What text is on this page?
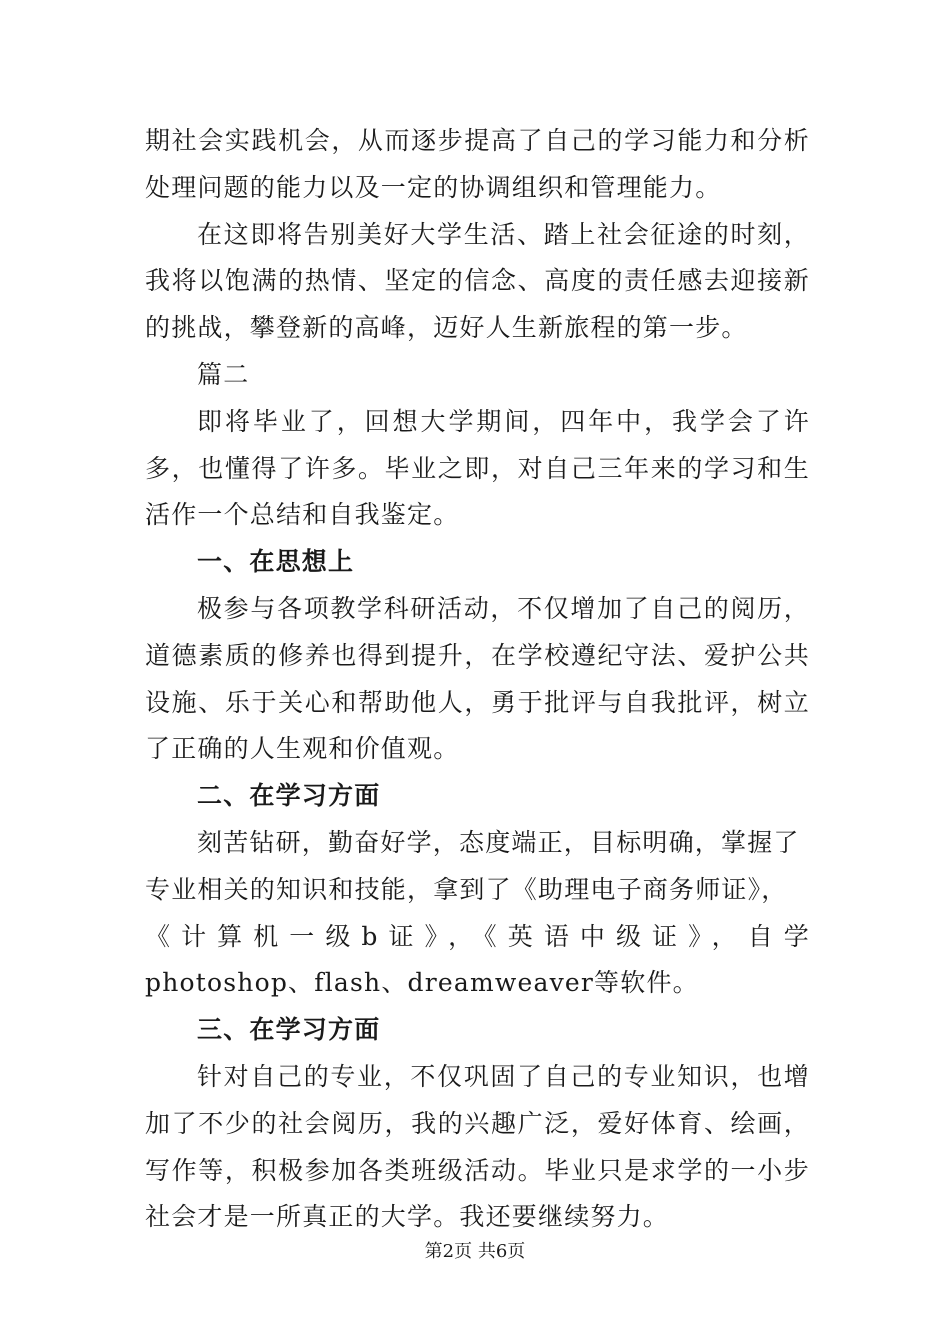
期社会实践机会，从而逐步提高了自己的学习能力和分析处理问题的能力以及一定的协调组织和管理能力。

在这即将告别美好大学生活、踏上社会征途的时刻，我将以饱满的热情、坚定的信念、高度的责任感去迎接新的挑战，攀登新的高峰，迈好人生新旅程的第一步。

篇二

即将毕业了，回想大学期间，四年中，我学会了许多，也懂得了许多。毕业之即，对自己三年来的学习和生活作一个总结和自我鉴定。

一、在思想上

极参与各项教学科研活动，不仅增加了自己的阅历，道德素质的修养也得到提升，在学校遵纪守法、爱护公共设施、乐于关心和帮助他人，勇于批评与自我批评，树立了正确的人生观和价值观。

二、在学习方面

刻苦钻研，勤奋好学，态度端正，目标明确，掌握了
专业相关的知识和技能，拿到了《助理电子商务师证》，
《计算机一级b证》，《英语中级证》，自学
photoshop、flash、dreamweaver等软件。

三、在学习方面

针对自己的专业，不仅巩固了自己的专业知识，也增加了不少的社会阅历，我的兴趣广泛，爱好体育、绘画，写作等，积极参加各类班级活动。毕业只是求学的一小步社会才是一所真正的大学。我还要继续努力。

第2页 共6页
